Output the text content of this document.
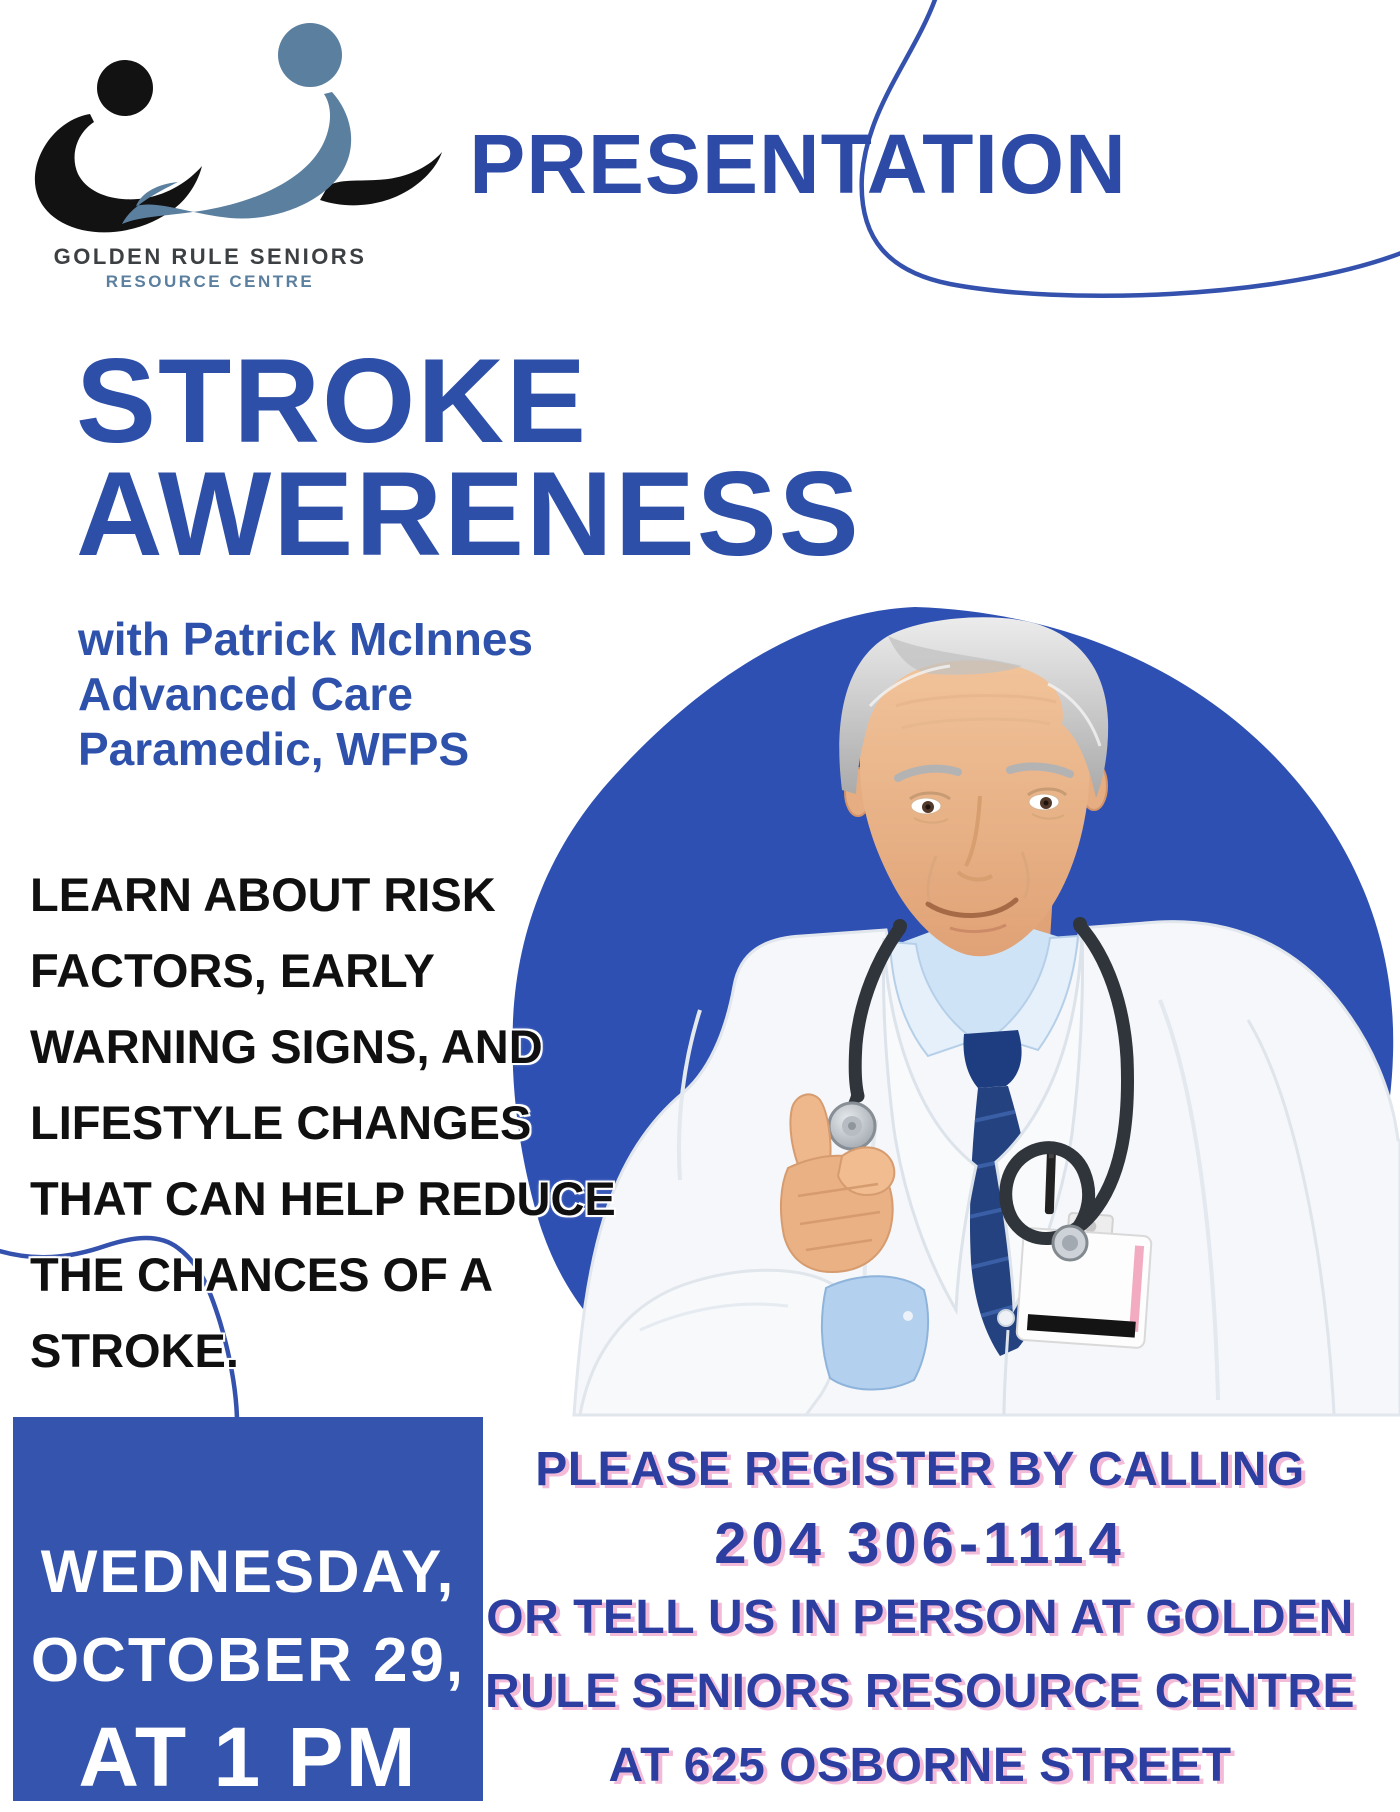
GOLDEN RULE SENIORS
RESOURCE CENTRE
PRESENTATION
STROKE
AWERENESS
with Patrick McInnes
Advanced Care
Paramedic, WFPS
LEARN ABOUT RISK
FACTORS, EARLY
WARNING SIGNS, AND
LIFESTYLE CHANGES
THAT CAN HELP REDUCE
THE CHANCES OF A
STROKE.
WEDNESDAY,
OCTOBER 29,
AT 1 PM
PLEASE REGISTER BY CALLING
204 306-1114
OR TELL US IN PERSON AT GOLDEN
RULE SENIORS RESOURCE CENTRE
AT 625 OSBORNE STREET
